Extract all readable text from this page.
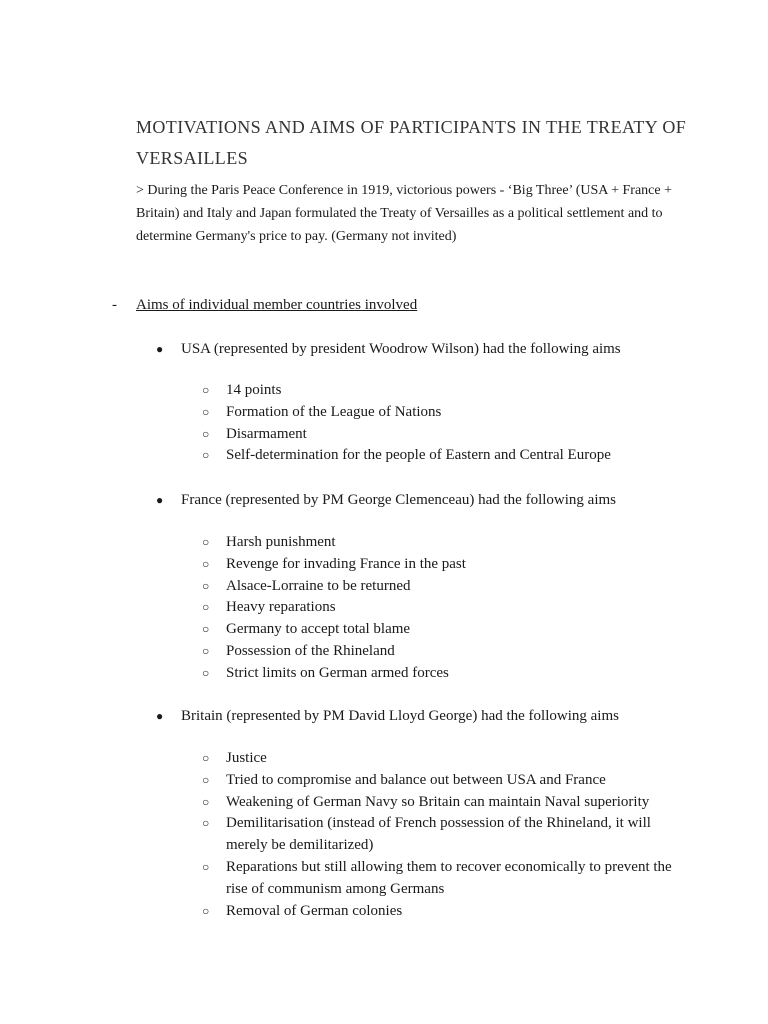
MOTIVATIONS AND AIMS OF PARTICIPANTS IN THE TREATY OF VERSAILLES

> During the Paris Peace Conference in 1919, victorious powers - ‘Big Three’ (USA + France + Britain) and Italy and Japan formulated the Treaty of Versailles as a political settlement and to determine Germany's price to pay. (Germany not invited)

- Aims of individual member countries involved
● USA (represented by president Woodrow Wilson) had the following aims
○ 14 points
○ Formation of the League of Nations
○ Disarmament
○ Self-determination for the people of Eastern and Central Europe
● France (represented by PM George Clemenceau) had the following aims
○ Harsh punishment
○ Revenge for invading France in the past
○ Alsace-Lorraine to be returned
○ Heavy reparations
○ Germany to accept total blame
○ Possession of the Rhineland
○ Strict limits on German armed forces
● Britain (represented by PM David Lloyd George) had the following aims
○ Justice
○ Tried to compromise and balance out between USA and France
○ Weakening of German Navy so Britain can maintain Naval superiority
○ Demilitarisation (instead of French possession of the Rhineland, it will merely be demilitarized)
○ Reparations but still allowing them to recover economically to prevent the rise of communism among Germans
○ Removal of German colonies
